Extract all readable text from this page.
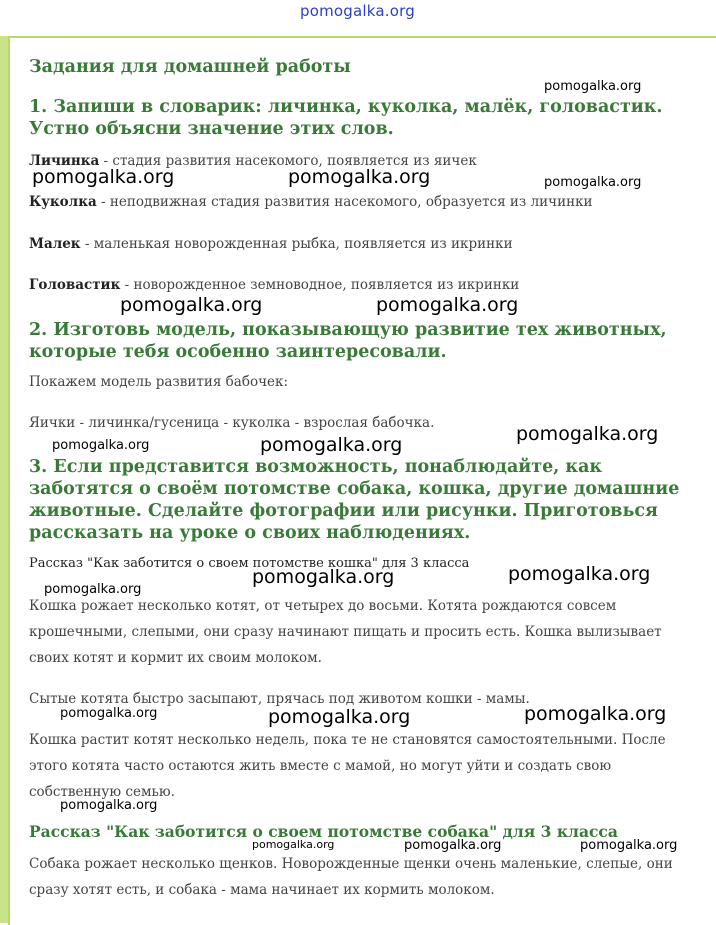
pomogalka.org
Задания для домашней работы
1. Запиши в словарик: личинка, куколка, малёк, головастик. Устно объясни значение этих слов.
Личинка - стадия развития насекомого, появляется из яичек
Куколка - неподвижная стадия развития насекомого, образуется из личинки
Малек - маленькая новорожденная рыбка, появляется из икринки
Головастик - новорожденное земноводное, появляется из икринки
2. Изготовь модель, показывающую развитие тех животных, которые тебя особенно заинтересовали.
Покажем модель развития бабочек:
Яички - личинка/гусеница - куколка - взрослая бабочка.
3. Если представится возможность, понаблюдайте, как заботятся о своём потомстве собака, кошка, другие домашние животные. Сделайте фотографии или рисунки. Приготовься рассказать на уроке о своих наблюдениях.
Рассказ "Как заботится о своем потомстве кошка" для 3 класса
Кошка рожает несколько котят, от четырех до восьми. Котята рождаются совсем крошечными, слепыми, они сразу начинают пищать и просить есть. Кошка вылизывает своих котят и кормит их своим молоком.
Сытые котята быстро засыпают, прячась под животом кошки - мамы.
Кошка растит котят несколько недель, пока те не становятся самостоятельными. После этого котята часто остаются жить вместе с мамой, но могут уйти и создать свою собственную семью.
Рассказ "Как заботится о своем потомстве собака" для 3 класса
Собака рожает несколько щенков. Новорожденные щенки очень маленькие, слепые, они сразу хотят есть, и собака - мама начинает их кормить молоком.
pomogalka.org
pomogalka.org	pomogalka.org	pomogalka.org
pomogalka.org	pomogalka.org
pomogalka.org	pomogalka.org	pomogalka.org
pomogalka.org
pomogalka.org	pomogalka.org
pomogalka.org	pomogalka.org	pomogalka.org
pomogalka.org
pomogalka.org	pomogalka.org	pomogalka.org
